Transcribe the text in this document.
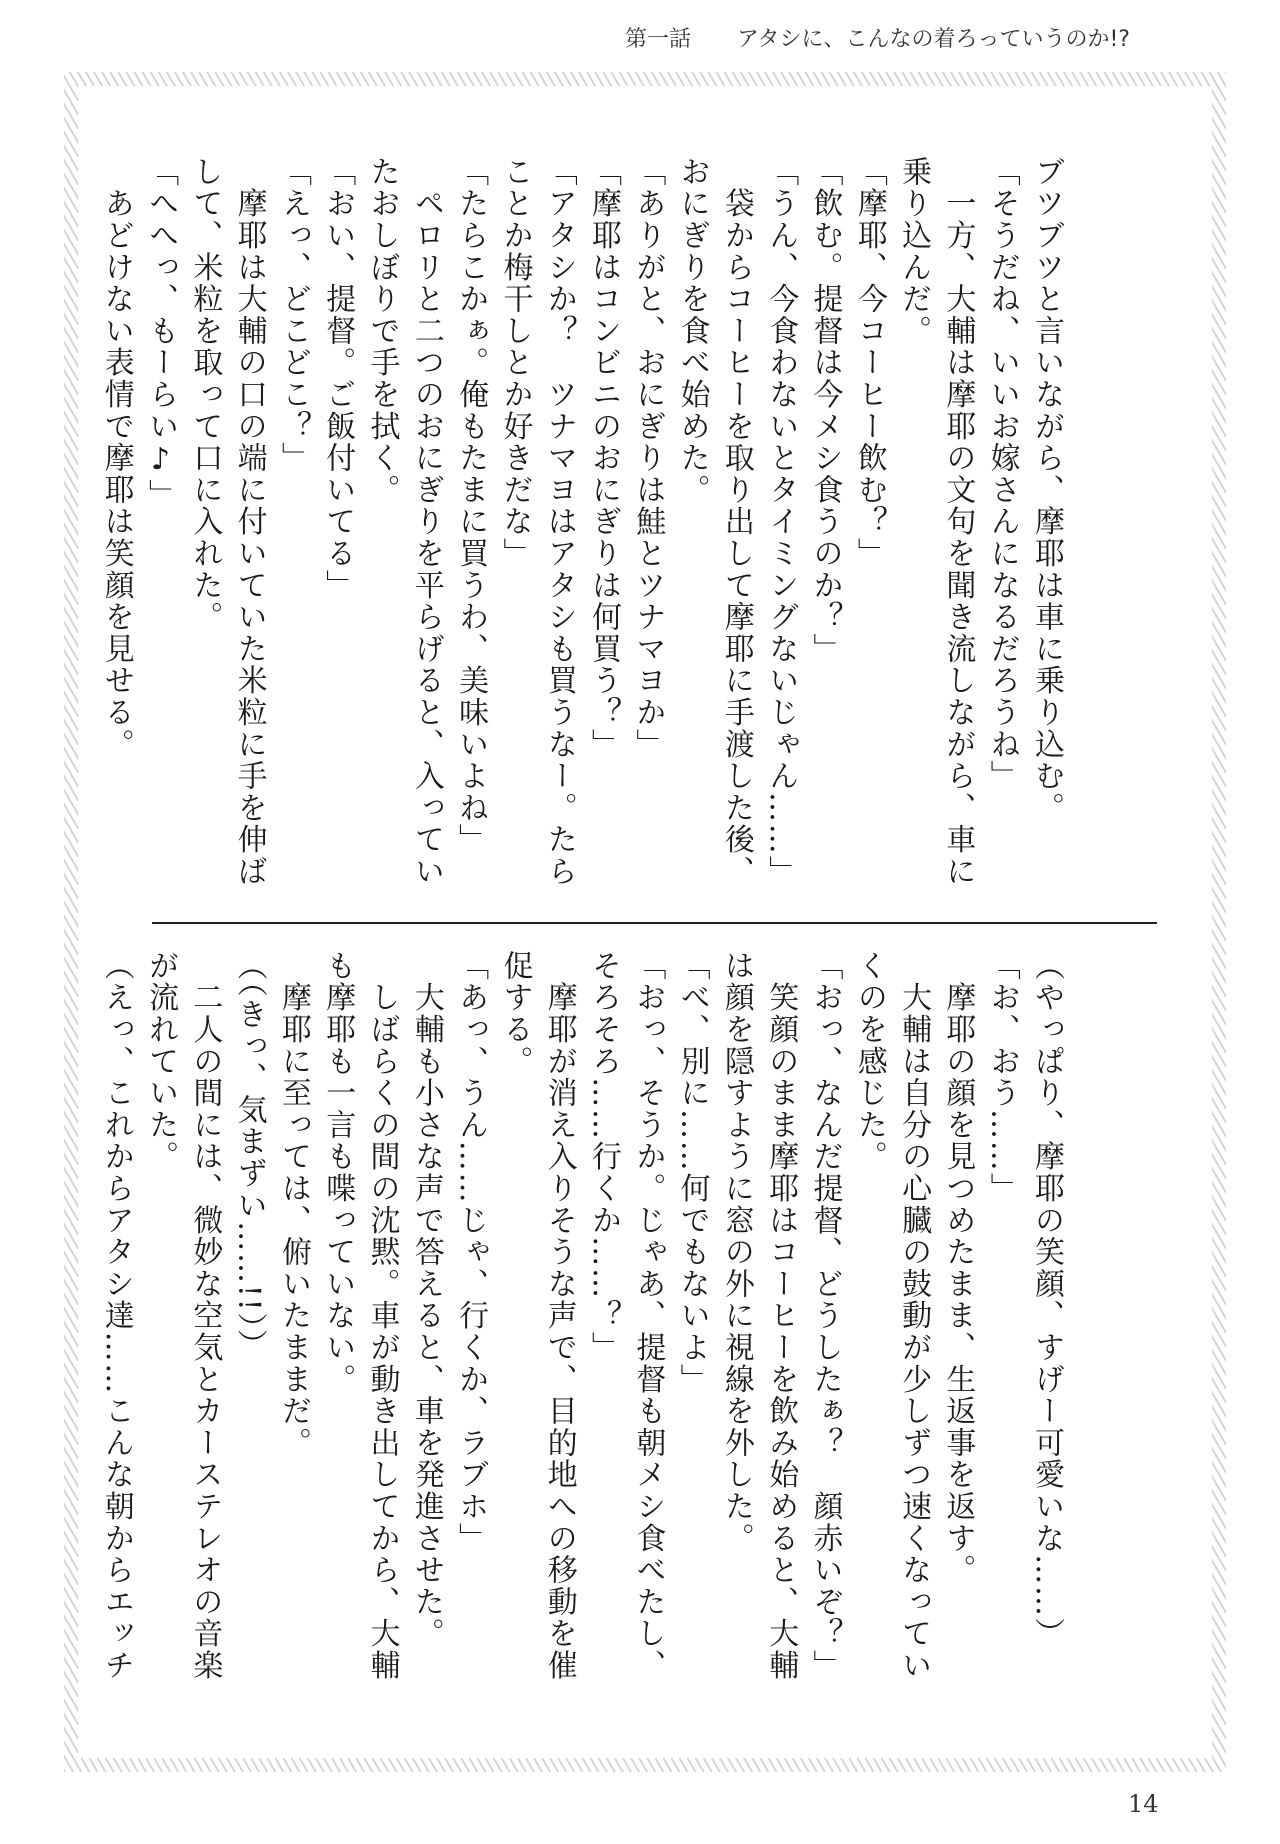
第一話 アタシに、こんなの着ろっていうのか!?
ブツブツと言いながら、摩耶は車に乗り込む。
「そうだね、いいお嫁さんになるだろうね」
　一方、大輔は摩耶の文句を聞き流しながら、車に
乗り込んだ。
「摩耶、今コーヒー飲む？」
「飲む。提督は今メシ食うのか？」
「うん、今食わないとタイミングないじゃん……」
　袋からコーヒーを取り出して摩耶に手渡した後、
おにぎりを食べ始めた。
「ありがと、おにぎりは鮭とツナマヨか」
「摩耶はコンビニのおにぎりは何買う？」
「アタシか？　ツナマヨはアタシも買うなー。たら
ことか梅干しとか好きだな」
「たらこかぁ。俺もたまに買うわ、美味いよね」
　ペロリと二つのおにぎりを平らげると、入ってい
たおしぼりで手を拭く。
「おい、提督。ご飯付いてる」
「えっ、どこどこ？」
　摩耶は大輔の口の端に付いていた米粒に手を伸ば
して、米粒を取って口に入れた。
「へへっ、もーらい♪」
　あどけない表情で摩耶は笑顔を見せる。
（やっぱり、摩耶の笑顔、すげー可愛いな……）
「お、おう……」
　摩耶の顔を見つめたまま、生返事を返す。
　大輔は自分の心臓の鼓動が少しずつ速くなってい
くのを感じた。
「おっ、なんだ提督、どうしたぁ？　顔赤いぞ？」
　笑顔のまま摩耶はコーヒーを飲み始めると、大輔
は顔を隠すように窓の外に視線を外した。
「べ、別に……何でもないよ」
「おっ、そうか。じゃあ、提督も朝メシ食べたし、
そろそろ……行くか……？」
　摩耶が消え入りそうな声で、目的地への移動を催
促する。
「あっ、うん……じゃ、行くか、ラブホ」
　大輔も小さな声で答えると、車を発進させた。
　しばらくの間の沈黙。車が動き出してから、大輔
も摩耶も一言も喋っていない。
　摩耶に至っては、俯いたままだ。
（（きっ、気まずい……!!））
　二人の間には、微妙な空気とカーステレオの音楽
が流れていた。
（えっ、これからアタシ達……こんな朝からエッチ
14
